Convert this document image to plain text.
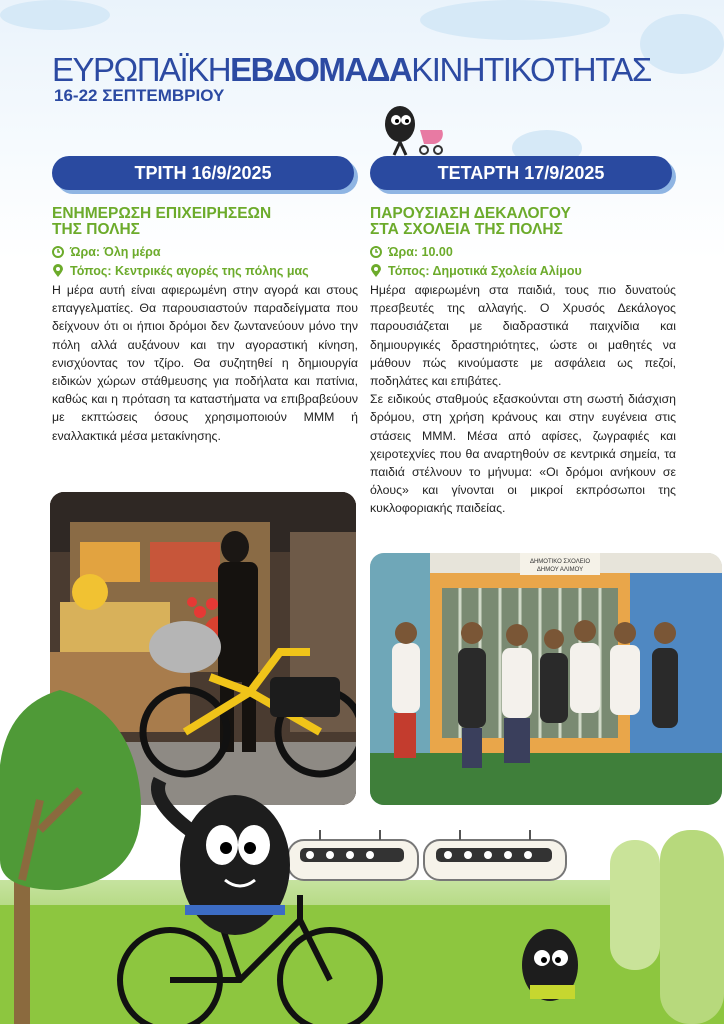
ΕΥΡΩΠΑΪΚΗΕΒΔΟΜΑΔΑΚΙΝΗΤΙΚΟΤΗΤΑΣ
16-22 ΣΕΠΤΕΜΒΡΙΟΥ
ΤΡΙΤΗ 16/9/2025	ΤΕΤΑΡΤΗ 17/9/2025
ΕΝΗΜΕΡΩΣΗ ΕΠΙΧΕΙΡΗΣΕΩΝ
ΤΗΣ ΠΟΛΗΣ
Ώρα: Όλη μέρα
Τόπος: Κεντρικές αγορές της πόλης μας
Η μέρα αυτή είναι αφιερωμένη στην αγορά και στους επαγγελματίες. Θα παρουσιαστούν παραδείγματα που δείχνουν ότι οι ήπιοι δρόμοι δεν ζωντανεύουν μόνο την πόλη αλλά αυξάνουν και την αγοραστική κίνηση, ενισχύοντας τον τζίρο. Θα συζητηθεί η δημιουργία ειδικών χώρων στάθμευσης για ποδήλατα και πατίνια, καθώς και η πρόταση τα καταστήματα να επιβραβεύουν με εκπτώσεις όσους χρησιμοποιούν ΜΜΜ ή εναλλακτικά μέσα μετακίνησης.
ΠΑΡΟΥΣΙΑΣΗ ΔΕΚΑΛΟΓΟΥ
ΣΤΑ ΣΧΟΛΕΙΑ ΤΗΣ ΠΟΛΗΣ
Ώρα: 10.00
Τόπος: Δημοτικά Σχολεία Αλίμου
Ημέρα αφιερωμένη στα παιδιά, τους πιο δυνατούς πρεσβευτές της αλλαγής. Ο Χρυσός Δεκάλογος παρουσιάζεται με διαδραστικά παιχνίδια και δημιουργικές δραστηριότητες, ώστε οι μαθητές να μάθουν πώς κινούμαστε με ασφάλεια ως πεζοί, ποδηλάτες και επιβάτες.
Σε ειδικούς σταθμούς εξασκούνται στη σωστή διάσχιση δρόμου, στη χρήση κράνους και στην ευγένεια στις στάσεις ΜΜΜ. Μέσα από αφίσες, ζωγραφιές και χειροτεχνίες που θα αναρτηθούν σε κεντρικά σημεία, τα παιδιά στέλνουν το μήνυμα: «Οι δρόμοι ανήκουν σε όλους» και γίνονται οι μικροί εκπρόσωποι της κυκλοφοριακής παιδείας.
ΔΗΜΟΤΙΚΟ ΣΧΟΛΕΙΟ
ΔΗΜΟΥ ΑΛΙΜΟΥ
